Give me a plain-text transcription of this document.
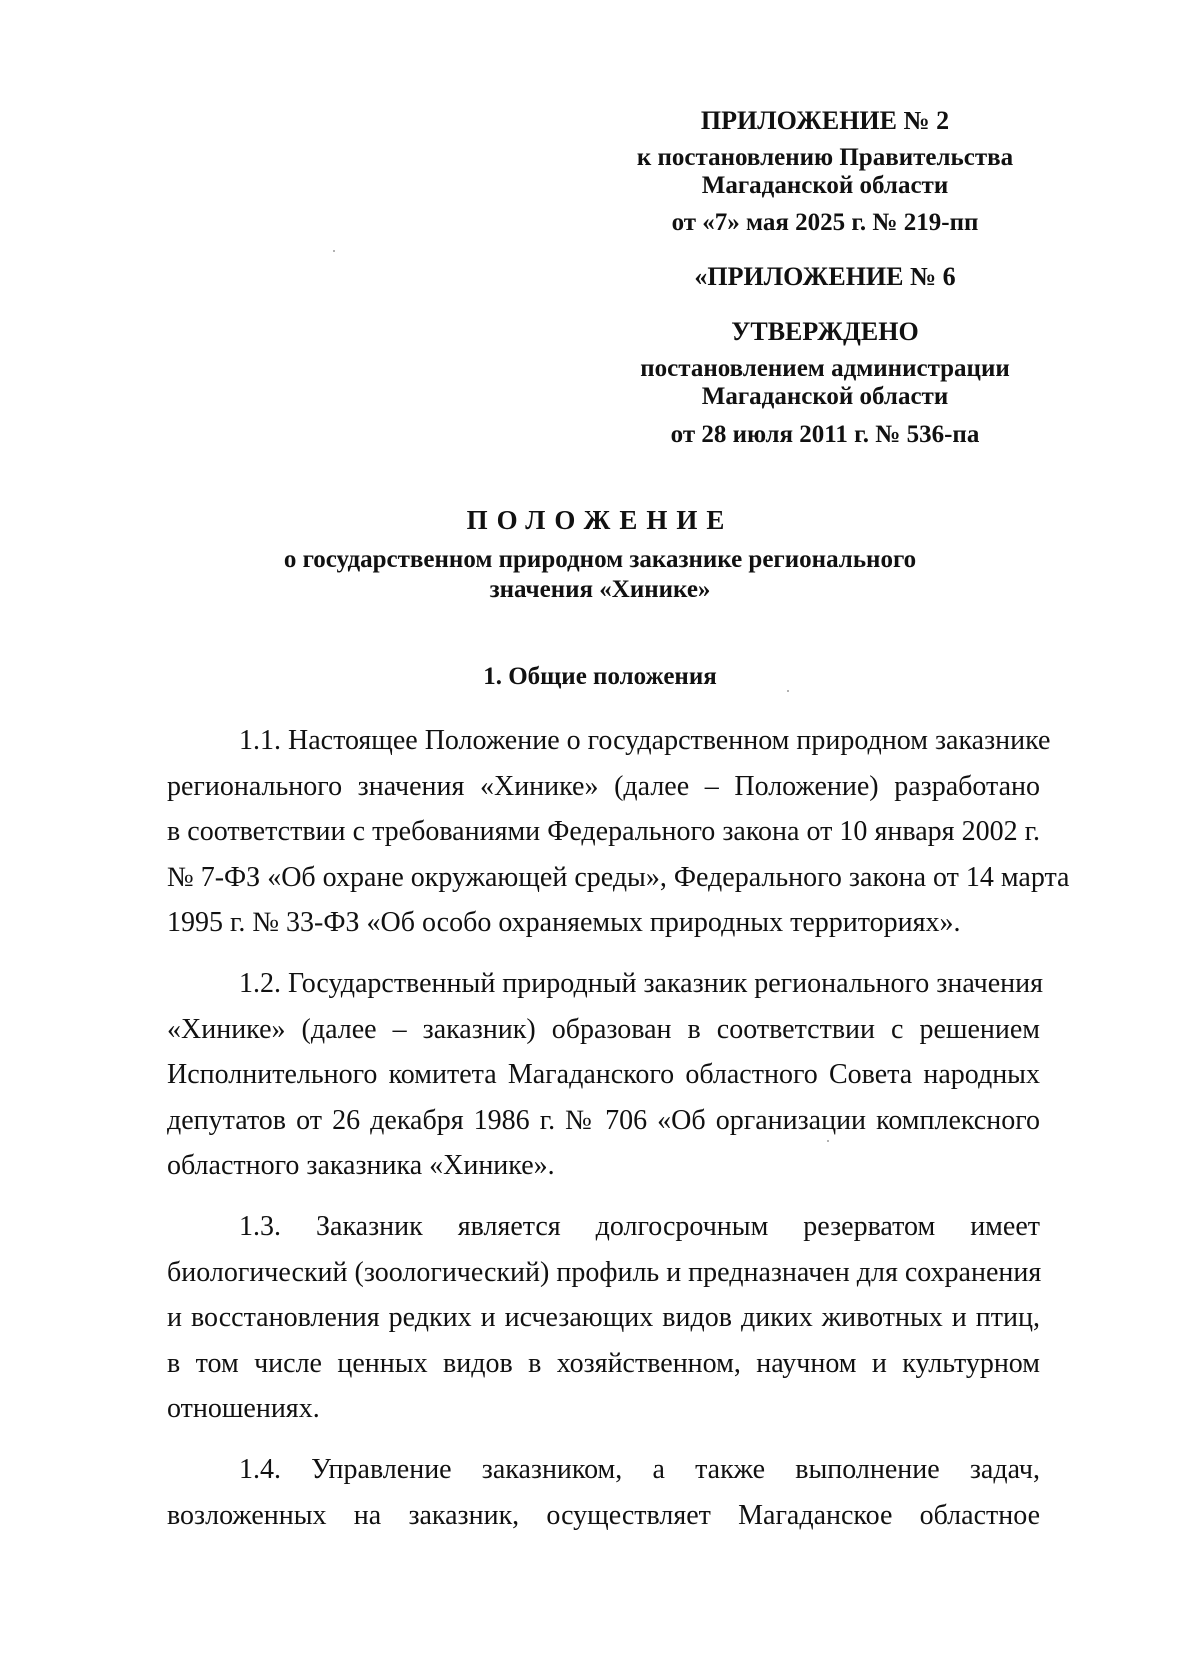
ПРИЛОЖЕНИЕ № 2
к постановлению Правительства
Магаданской области
от «7» мая 2025 г. № 219-пп
«ПРИЛОЖЕНИЕ № 6
УТВЕРЖДЕНО
постановлением администрации
Магаданской области
от 28 июля 2011 г. № 536-па
ПОЛОЖЕНИЕ
о государственном природном заказнике регионального
значения «Хинике»
1. Общие положения
1.1. Настоящее Положение о государственном природном заказнике
регионального значения «Хинике» (далее – Положение) разработано
в соответствии с требованиями Федерального закона от 10 января 2002 г.
№ 7-ФЗ «Об охране окружающей среды», Федерального закона от 14 марта
1995 г. № 33-ФЗ «Об особо охраняемых природных территориях».
1.2. Государственный природный заказник регионального значения
«Хинике» (далее – заказник) образован в соответствии с решением
Исполнительного комитета Магаданского областного Совета народных
депутатов от 26 декабря 1986 г. № 706 «Об организации комплексного
областного заказника «Хинике».
1.3. Заказник является долгосрочным резерватом имеет
биологический (зоологический) профиль и предназначен для сохранения
и восстановления редких и исчезающих видов диких животных и птиц,
в том числе ценных видов в хозяйственном, научном и культурном
отношениях.
1.4. Управление заказником, а также выполнение задач,
возложенных на заказник, осуществляет Магаданское областное
